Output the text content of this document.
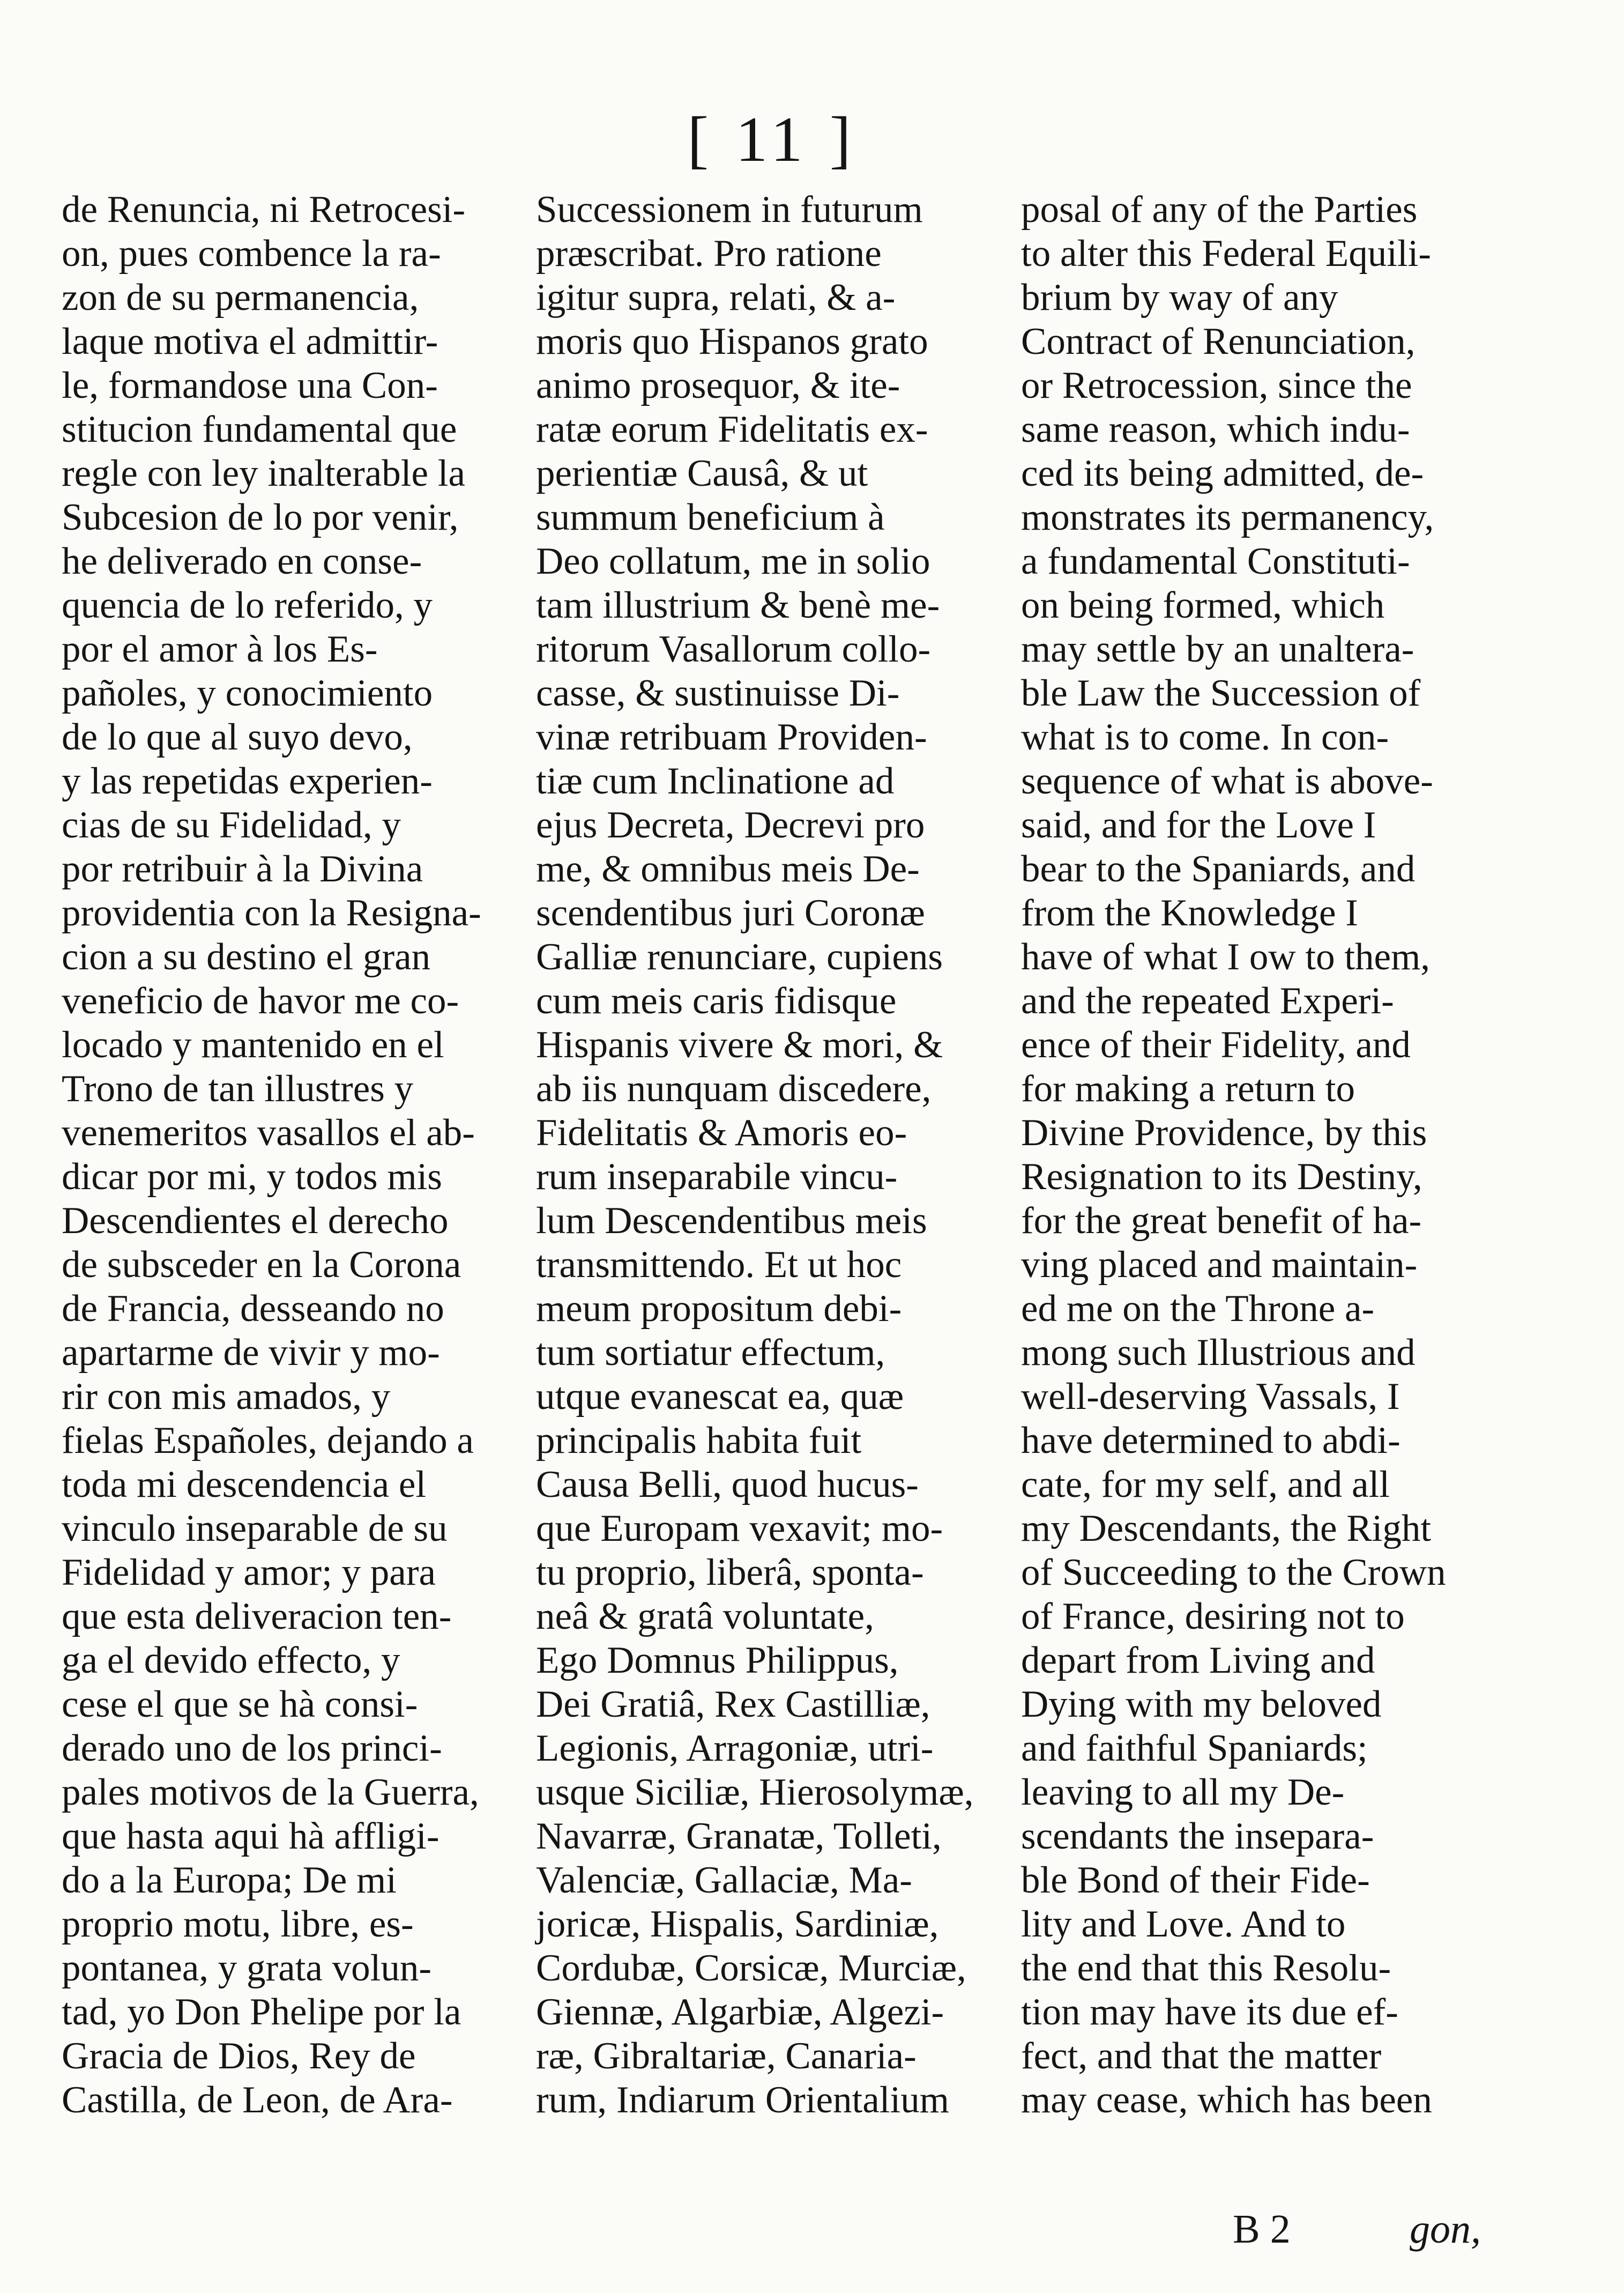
[ 11 ]
de Renuncia, ni Retrocesi-
on, pues combence la ra-
zon de su permanencia,
laque motiva el admittir-
le, formandose una Con-
stitucion fundamental que
regle con ley inalterable la
Subcesion de lo por venir,
he deliverado en conse-
quencia de lo referido, y
por el amor à los Es-
pañoles, y conocimiento
de lo que al suyo devo,
y las repetidas experien-
cias de su Fidelidad, y
por retribuir à la Divina
providentia con la Resigna-
cion a su destino el gran
veneficio de havor me co-
locado y mantenido en el
Trono de tan illustres y
venemeritos vasallos el ab-
dicar por mi, y todos mis
Descendientes el derecho
de subsceder en la Corona
de Francia, desseando no
apartarme de vivir y mo-
rir con mis amados, y
fielas Españoles, dejando a
toda mi descendencia el
vinculo inseparable de su
Fidelidad y amor; y para
que esta deliveracion ten-
ga el devido effecto, y
cese el que se hà consi-
derado uno de los princi-
pales motivos de la Guerra,
que hasta aqui hà affligi-
do a la Europa; De mi
proprio motu, libre, es-
pontanea, y grata volun-
tad, yo Don Phelipe por la
Gracia de Dios, Rey de
Castilla, de Leon, de Ara-
Successionem in futurum
præscribat. Pro ratione
igitur supra, relati, & a-
moris quo Hispanos grato
animo prosequor, & ite-
ratæ eorum Fidelitatis ex-
perientiæ Causâ, & ut
summum beneficium à
Deo collatum, me in solio
tam illustrium & benè me-
ritorum Vasallorum collo-
casse, & sustinuisse Di-
vinæ retribuam Providen-
tiæ cum Inclinatione ad
ejus Decreta, Decrevi pro
me, & omnibus meis De-
scendentibus juri Coronæ
Galliæ renunciare, cupiens
cum meis caris fidisque
Hispanis vivere & mori, &
ab iis nunquam discedere,
Fidelitatis & Amoris eo-
rum inseparabile vincu-
lum Descendentibus meis
transmittendo. Et ut hoc
meum propositum debi-
tum sortiatur effectum,
utque evanescat ea, quæ
principalis habita fuit
Causa Belli, quod hucus-
que Europam vexavit; mo-
tu proprio, liberâ, sponta-
neâ & gratâ voluntate,
Ego Domnus Philippus,
Dei Gratiâ, Rex Castilliæ,
Legionis, Arragoniæ, utri-
usque Siciliæ, Hierosolymæ,
Navarræ, Granatæ, Tolleti,
Valenciæ, Gallaciæ, Ma-
joricæ, Hispalis, Sardiniæ,
Cordubæ, Corsicæ, Murciæ,
Giennæ, Algarbiæ, Algezi-
ræ, Gibraltariæ, Canaria-
rum, Indiarum Orientalium
posal of any of the Parties
to alter this Federal Equili-
brium by way of any
Contract of Renunciation,
or Retrocession, since the
same reason, which indu-
ced its being admitted, de-
monstrates its permanency,
a fundamental Constituti-
on being formed, which
may settle by an unaltera-
ble Law the Succession of
what is to come. In con-
sequence of what is above-
said, and for the Love I
bear to the Spaniards, and
from the Knowledge I
have of what I ow to them,
and the repeated Experi-
ence of their Fidelity, and
for making a return to
Divine Providence, by this
Resignation to its Destiny,
for the great benefit of ha-
ving placed and maintain-
ed me on the Throne a-
mong such Illustrious and
well-deserving Vassals, I
have determined to abdi-
cate, for my self, and all
my Descendants, the Right
of Succeeding to the Crown
of France, desiring not to
depart from Living and
Dying with my beloved
and faithful Spaniards;
leaving to all my De-
scendants the insepara-
ble Bond of their Fide-
lity and Love. And to
the end that this Resolu-
tion may have its due ef-
fect, and that the matter
may cease, which has been
B 2	gon,
